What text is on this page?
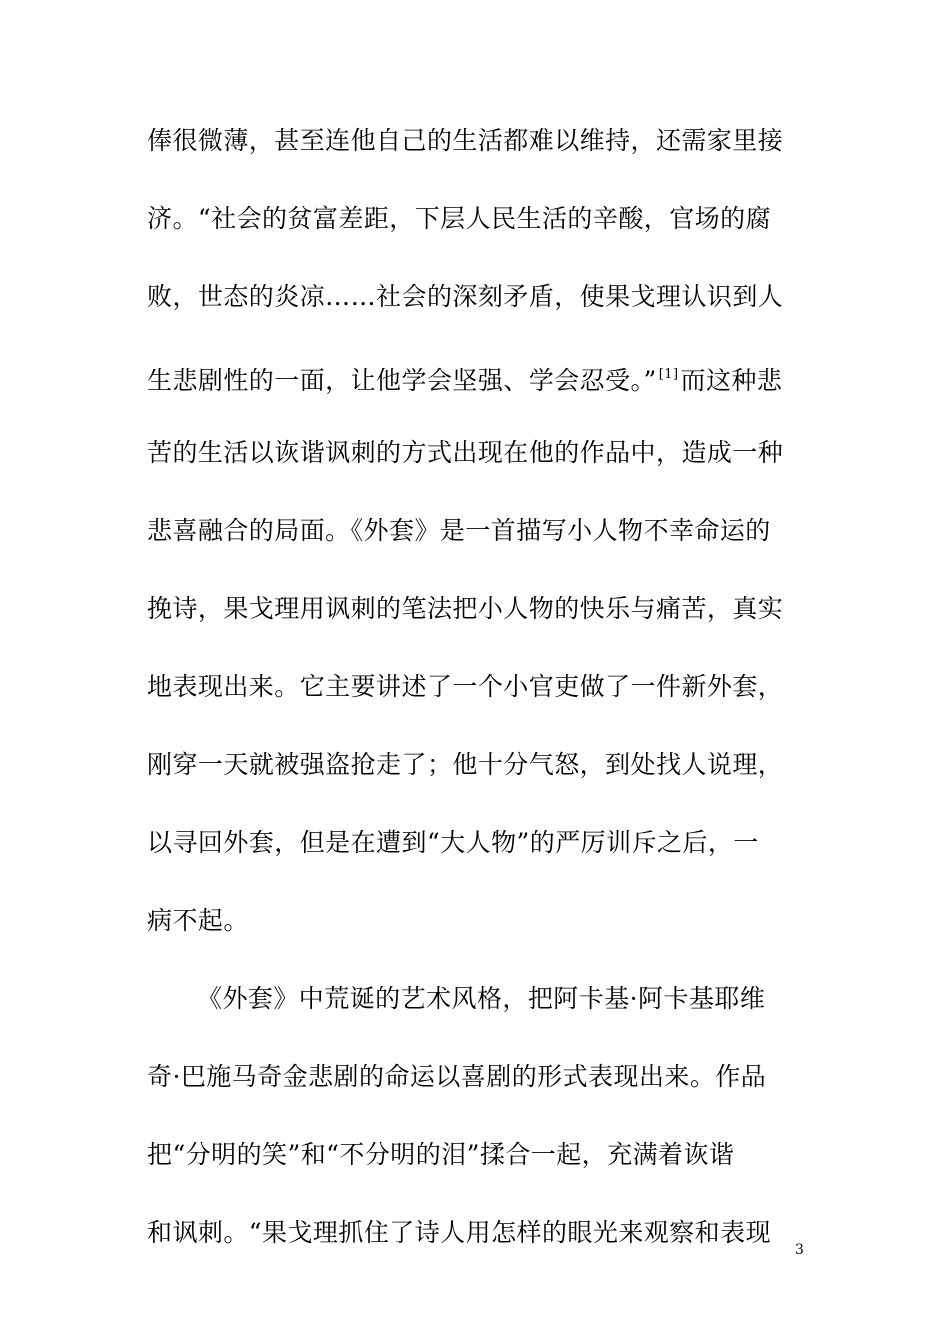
俸很微薄，甚至连他自己的生活都难以维持，还需家里接
济。“社会的贫富差距，下层人民生活的辛酸，官场的腐
败，世态的炎凉……社会的深刻矛盾，使果戈理认识到人
生悲剧性的一面，让他学会坚强、学会忍受。” [1]而这种悲
苦的生活以诙谐讽刺的方式出现在他的作品中，造成一种
悲喜融合的局面。《外套》是一首描写小人物不幸命运的
挽诗，果戈理用讽刺的笔法把小人物的快乐与痛苦，真实
地表现出来。它主要讲述了一个小官吏做了一件新外套，
刚穿一天就被强盗抢走了；他十分气怒，到处找人说理，
以寻回外套，但是在遭到“大人物”的严厉训斥之后，一
病不起。
《外套》中荒诞的艺术风格，把阿卡基·阿卡基耶维
奇·巴施马奇金悲剧的命运以喜剧的形式表现出来。作品
把“分明的笑”和“不分明的泪”揉合一起，充满着诙谐
和讽刺。“果戈理抓住了诗人用怎样的眼光来观察和表现
3
